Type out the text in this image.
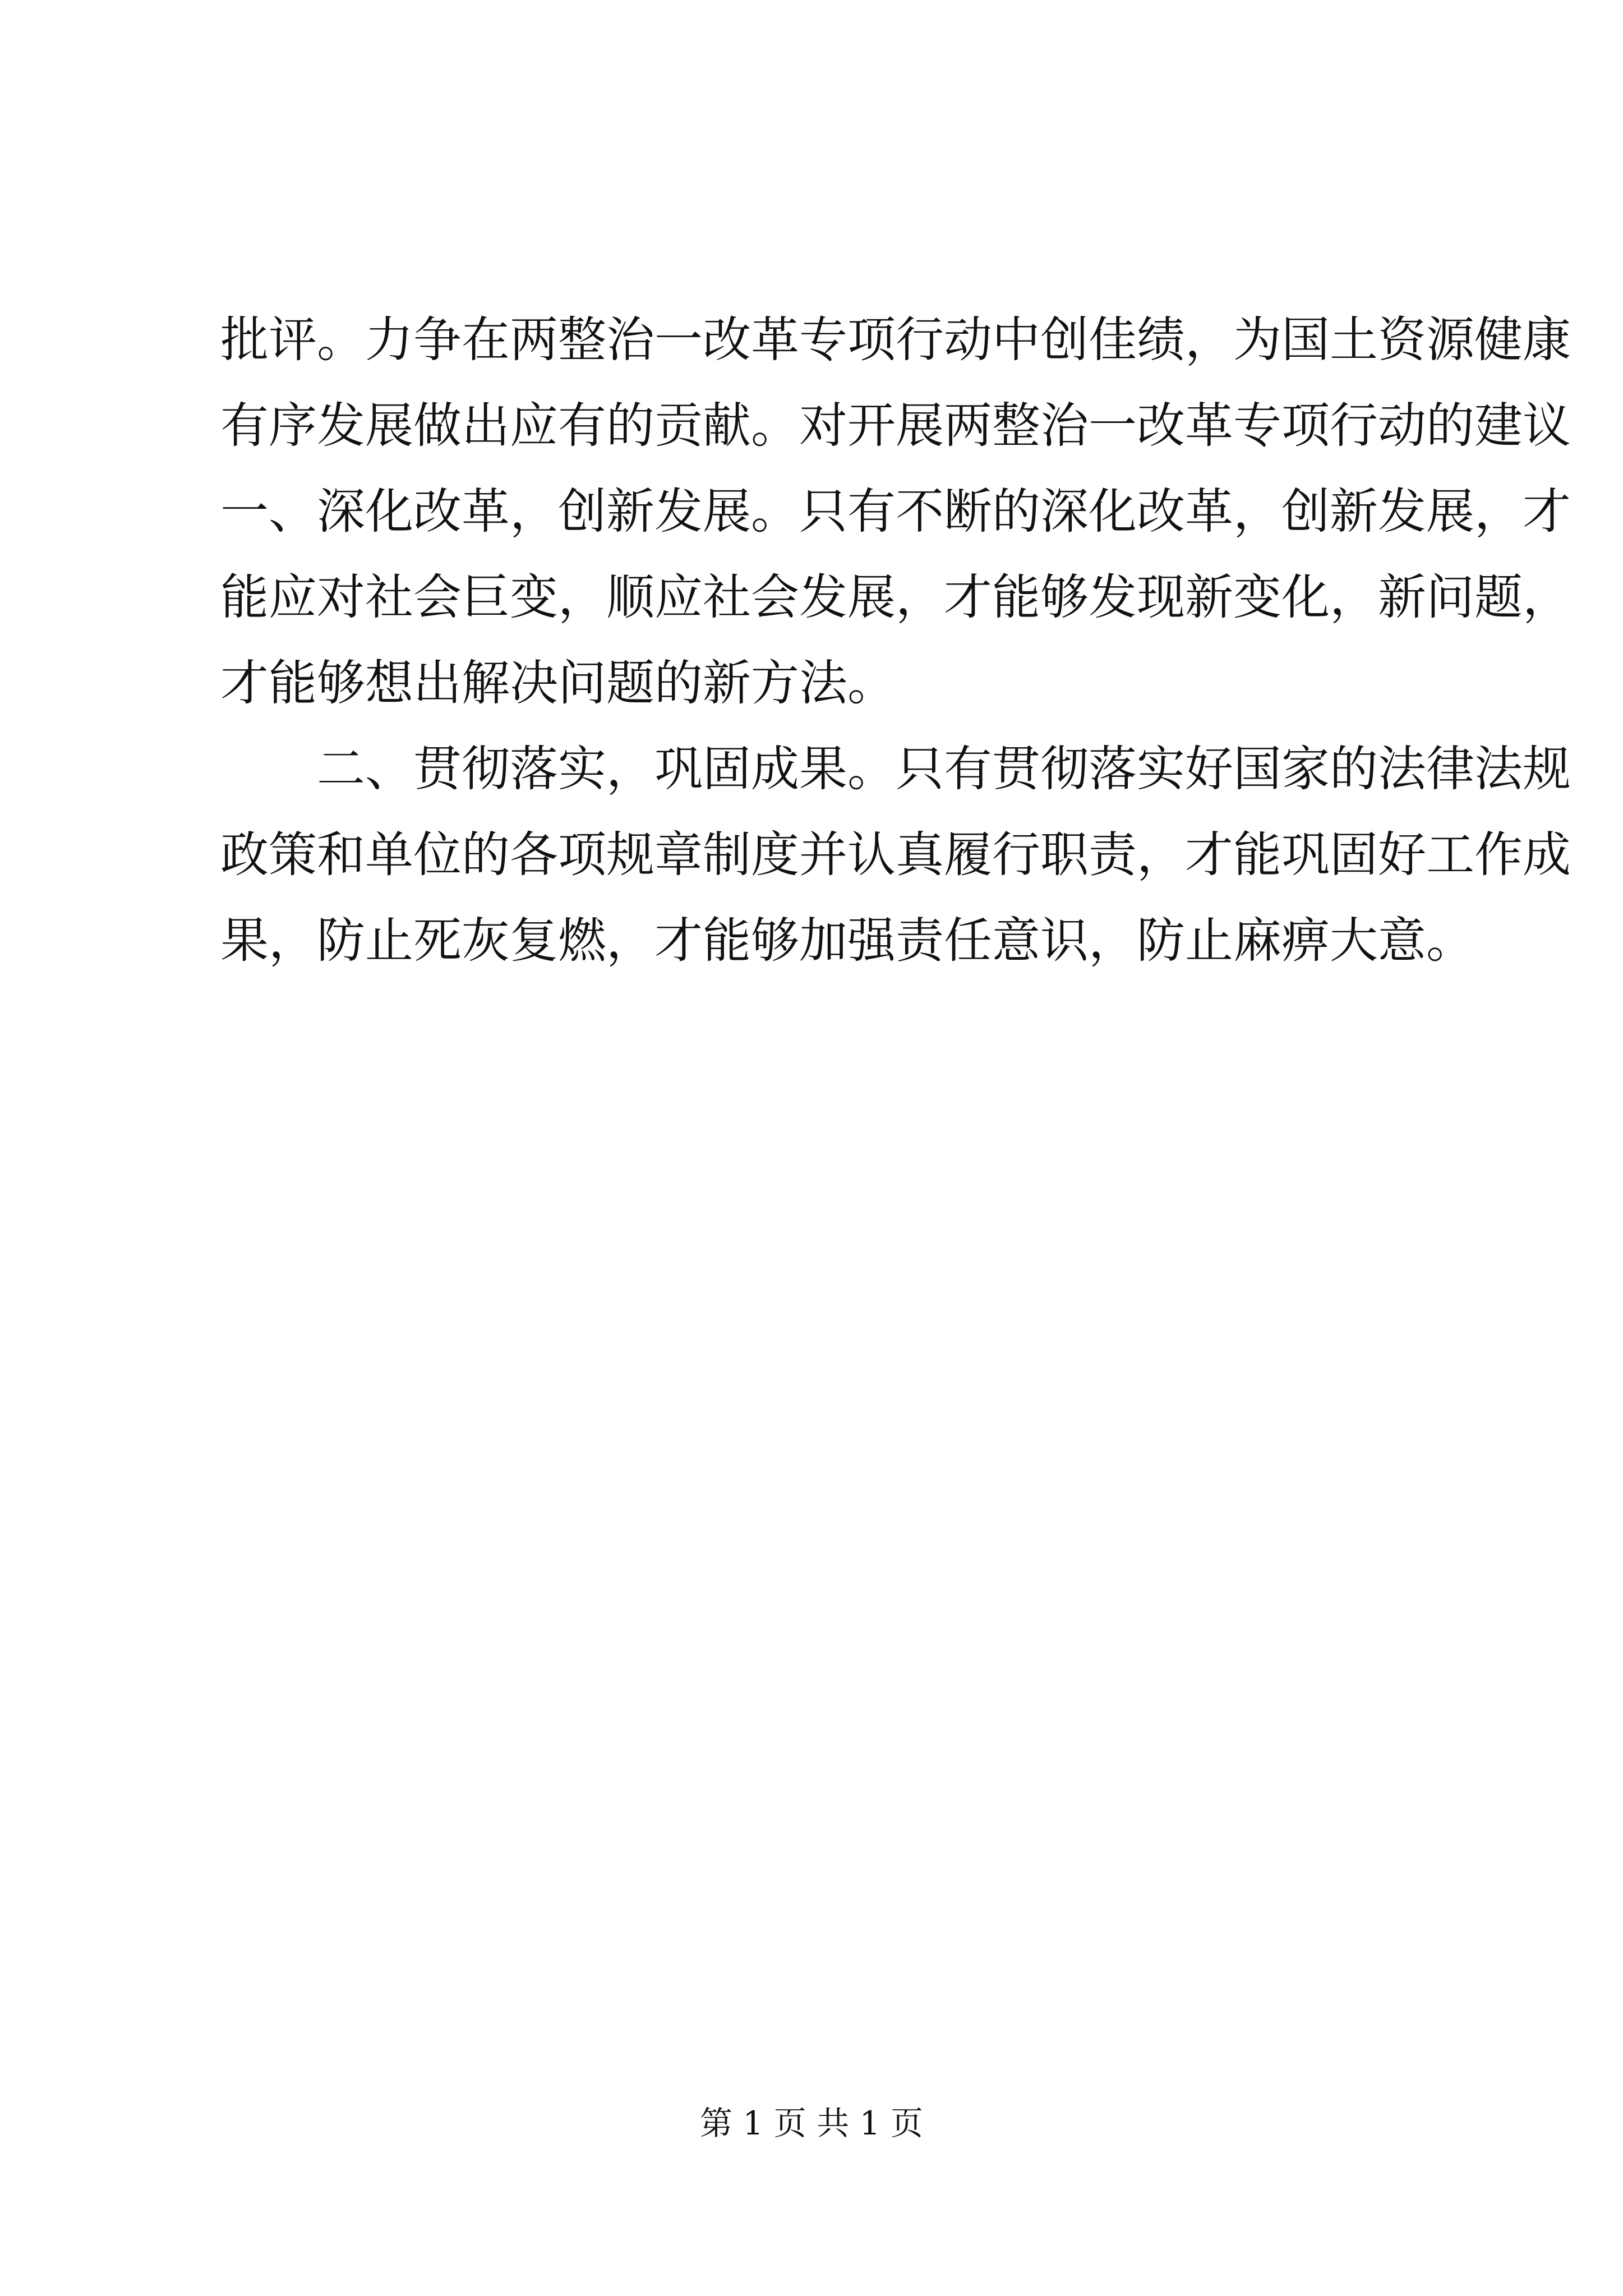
批评。力争在两整治一改革专项行动中创佳绩，为国土资源健康
有序发展做出应有的贡献。对开展两整治一改革专项行动的建议
一、深化改革，创新发展。只有不断的深化改革，创新发展，才
能应对社会巨变，顺应社会发展，才能够发现新变化，新问题，
才能够想出解决问题的新方法。
二、贯彻落实，巩固成果。只有贯彻落实好国家的法律法规
政策和单位的各项规章制度并认真履行职责，才能巩固好工作成
果，防止死灰复燃，才能够加强责任意识，防止麻痹大意。
第 1 页 共 1 页
